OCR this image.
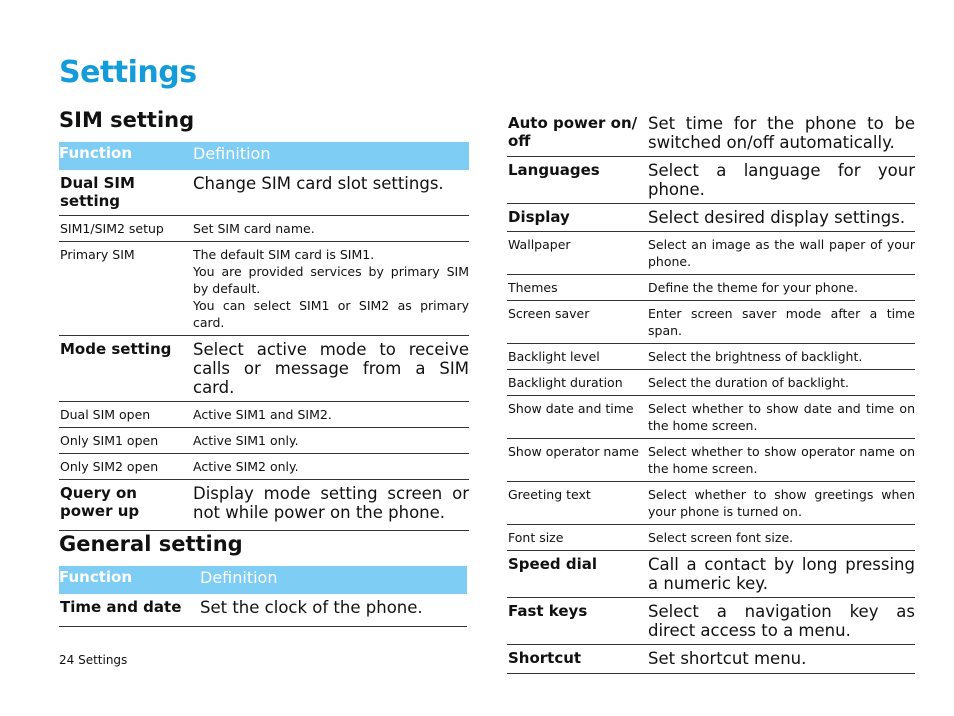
Settings
SIM setting
Function	Definition
Dual SIM setting	Change SIM card slot settings.

SIM1/SIM2 setup	Set SIM card name.

Primary SIM	The default SIM card is SIM1.

You are provided services by primary SIM by default.

You can select SIM1 or SIM2 as primary card.

Mode setting	Select active mode to receive calls or message from a SIM card.

Dual SIM open	Active SIM1 and SIM2.

Only SIM1 open	Active SIM1 only.

Only SIM2 open	Active SIM2 only.

Query on power up	Display mode setting screen or not while power on the phone.

General setting
Function	Definition
Time and date	Set the clock of the phone.
Auto power on/ off	Set time for the phone to be switched on/off automatically.
Languages	Select a language for your phone.
Display	Select desired display settings.
Wallpaper	Select an image as the wall paper of your phone.
Themes	Define the theme for your phone.
Screen saver	Enter screen saver mode after a time span.
Backlight level	Select the brightness of backlight.
Backlight duration	Select the duration of backlight.
Show date and time	Select whether to show date and time on the home screen.
Show operator name	Select whether to show operator name on the home screen.
Greeting text	Select whether to show greetings when your phone is turned on.
Font size	Select screen font size.
Speed dial	Call a contact by long pressing a numeric key.
Fast keys	Select a navigation key as direct access to a menu.
Shortcut	Set shortcut menu.
24 Settings
